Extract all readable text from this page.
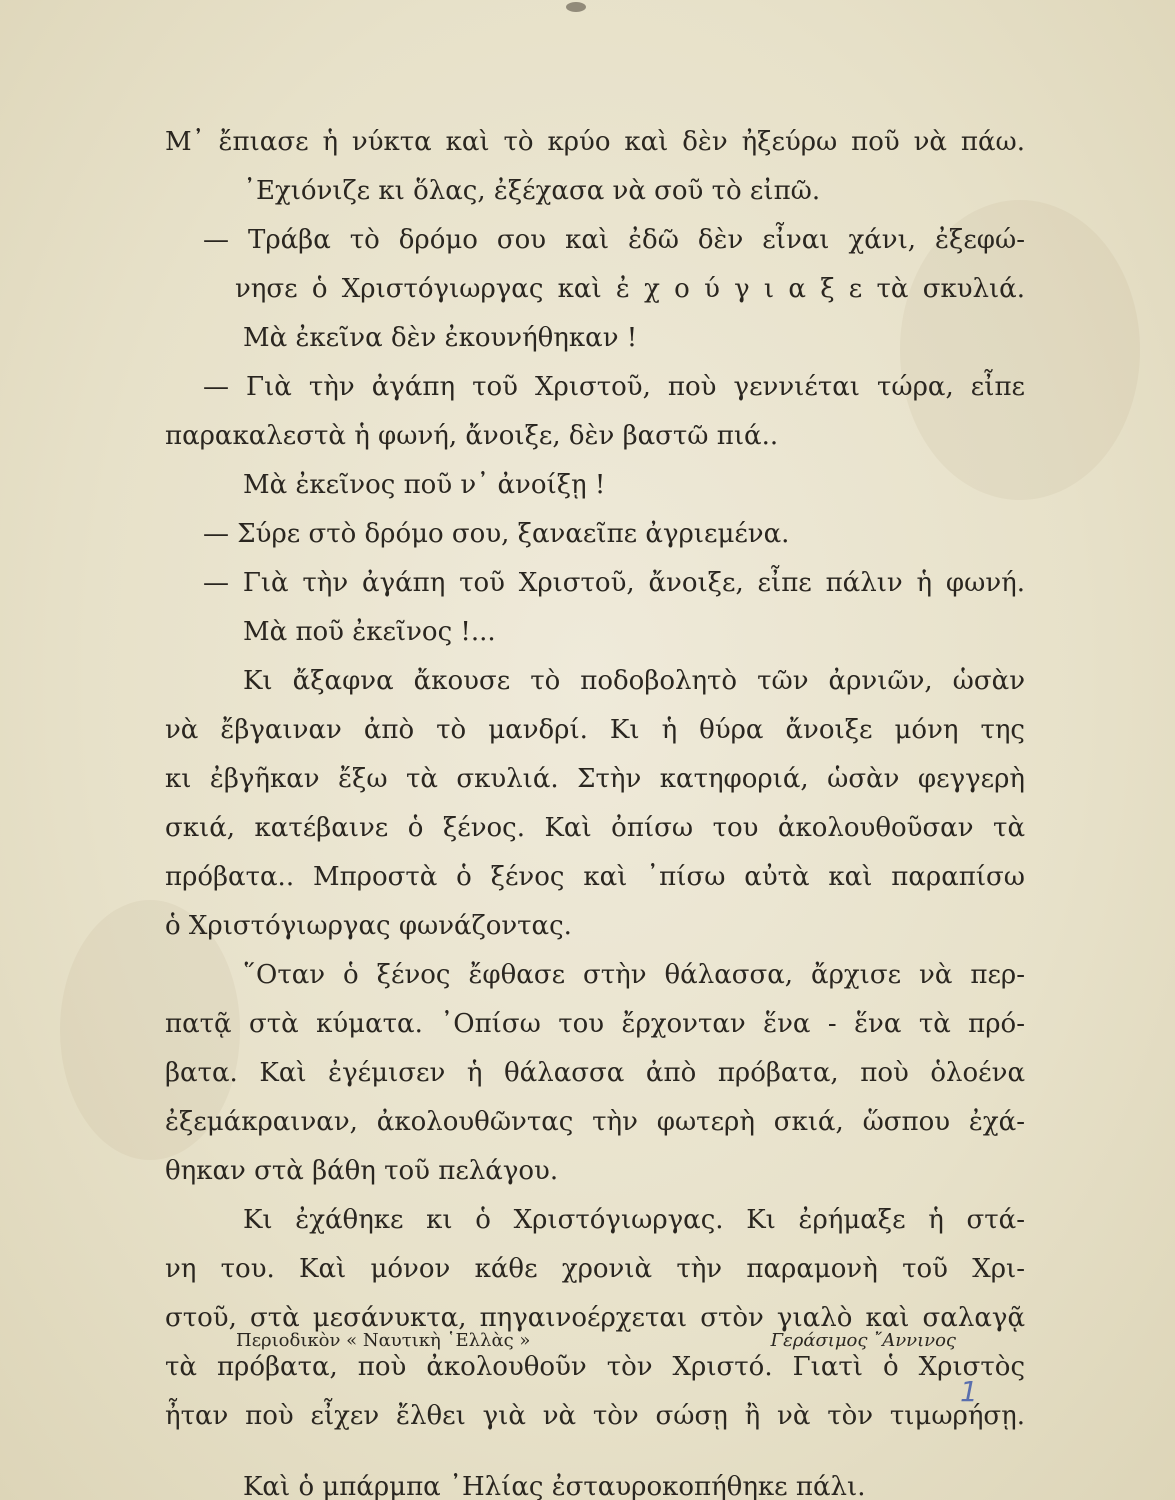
Μ᾿ ἔπιασε ἡ νύκτα καὶ τὸ κρύο καὶ δὲν ἠξεύρω ποῦ νὰ πάω.
᾿Εχιόνιζε κι ὅλας, ἐξέχασα νὰ σοῦ τὸ εἰπῶ.
— Τράβα τὸ δρόμο σου καὶ ἐδῶ δὲν εἶναι χάνι, ἐξεφώ-
νησε ὁ Χριστόγιωργας καὶ ἐ χ ο ύ γ ι α ξ ε τὰ σκυλιά.
Μὰ ἐκεῖνα δὲν ἐκουνήθηκαν !
— Γιὰ τὴν ἀγάπη τοῦ Χριστοῦ, ποὺ γεννιέται τώρα, εἶπε
παρακαλεστὰ ἡ φωνή, ἄνοιξε, δὲν βαστῶ πιά..
Μὰ ἐκεῖνος ποῦ ν᾿ ἀνοίξῃ !
— Σύρε στὸ δρόμο σου, ξαναεῖπε ἀγριεμένα.
— Γιὰ τὴν ἀγάπη τοῦ Χριστοῦ, ἄνοιξε, εἶπε πάλιν ἡ φωνή.
Μὰ ποῦ ἐκεῖνος !...
Κι ἄξαφνα ἄκουσε τὸ ποδοβολητὸ τῶν ἀρνιῶν, ὡσὰν
νὰ ἔβγαιναν ἀπὸ τὸ μανδρί. Κι ἡ θύρα ἄνοιξε μόνη της
κι ἐβγῆκαν ἔξω τὰ σκυλιά. Στὴν κατηφοριά, ὡσὰν φεγγερὴ
σκιά, κατέβαινε ὁ ξένος. Καὶ ὀπίσω του ἀκολουθοῦσαν τὰ
πρόβατα.. Μπροστὰ ὁ ξένος καὶ ᾿πίσω αὐτὰ καὶ παραπίσω
ὁ Χριστόγιωργας φωνάζοντας.
῞Οταν ὁ ξένος ἔφθασε στὴν θάλασσα, ἄρχισε νὰ περ-
πατᾷ στὰ κύματα. ᾿Οπίσω του ἔρχονταν ἕνα - ἕνα τὰ πρό-
βατα. Καὶ ἐγέμισεν ἡ θάλασσα ἀπὸ πρόβατα, ποὺ ὁλοένα
ἐξεμάκραιναν, ἀκολουθῶντας τὴν φωτερὴ σκιά, ὥσπου ἐχά-
θηκαν στὰ βάθη τοῦ πελάγου.
Κι ἐχάθηκε κι ὁ Χριστόγιωργας. Κι ἐρήμαξε ἡ στά-
νη του. Καὶ μόνον κάθε χρονιὰ τὴν παραμονὴ τοῦ Χρι-
στοῦ, στὰ μεσάνυκτα, πηγαινοέρχεται στὸν γιαλὸ καὶ σαλαγᾷ
τὰ πρόβατα, ποὺ ἀκολουθοῦν τὸν Χριστό. Γιατὶ ὁ Χριστὸς
ἦταν ποὺ εἶχεν ἔλθει γιὰ νὰ τὸν σώσῃ ἢ νὰ τὸν τιμωρήσῃ.
Καὶ ὁ μπάρμπα ᾿Ηλίας ἐσταυροκοπήθηκε πάλι.
Περιοδικὸν « Ναυτικὴ ῾Ελλὰς »	Γεράσιμος ῎Αννινος
1
